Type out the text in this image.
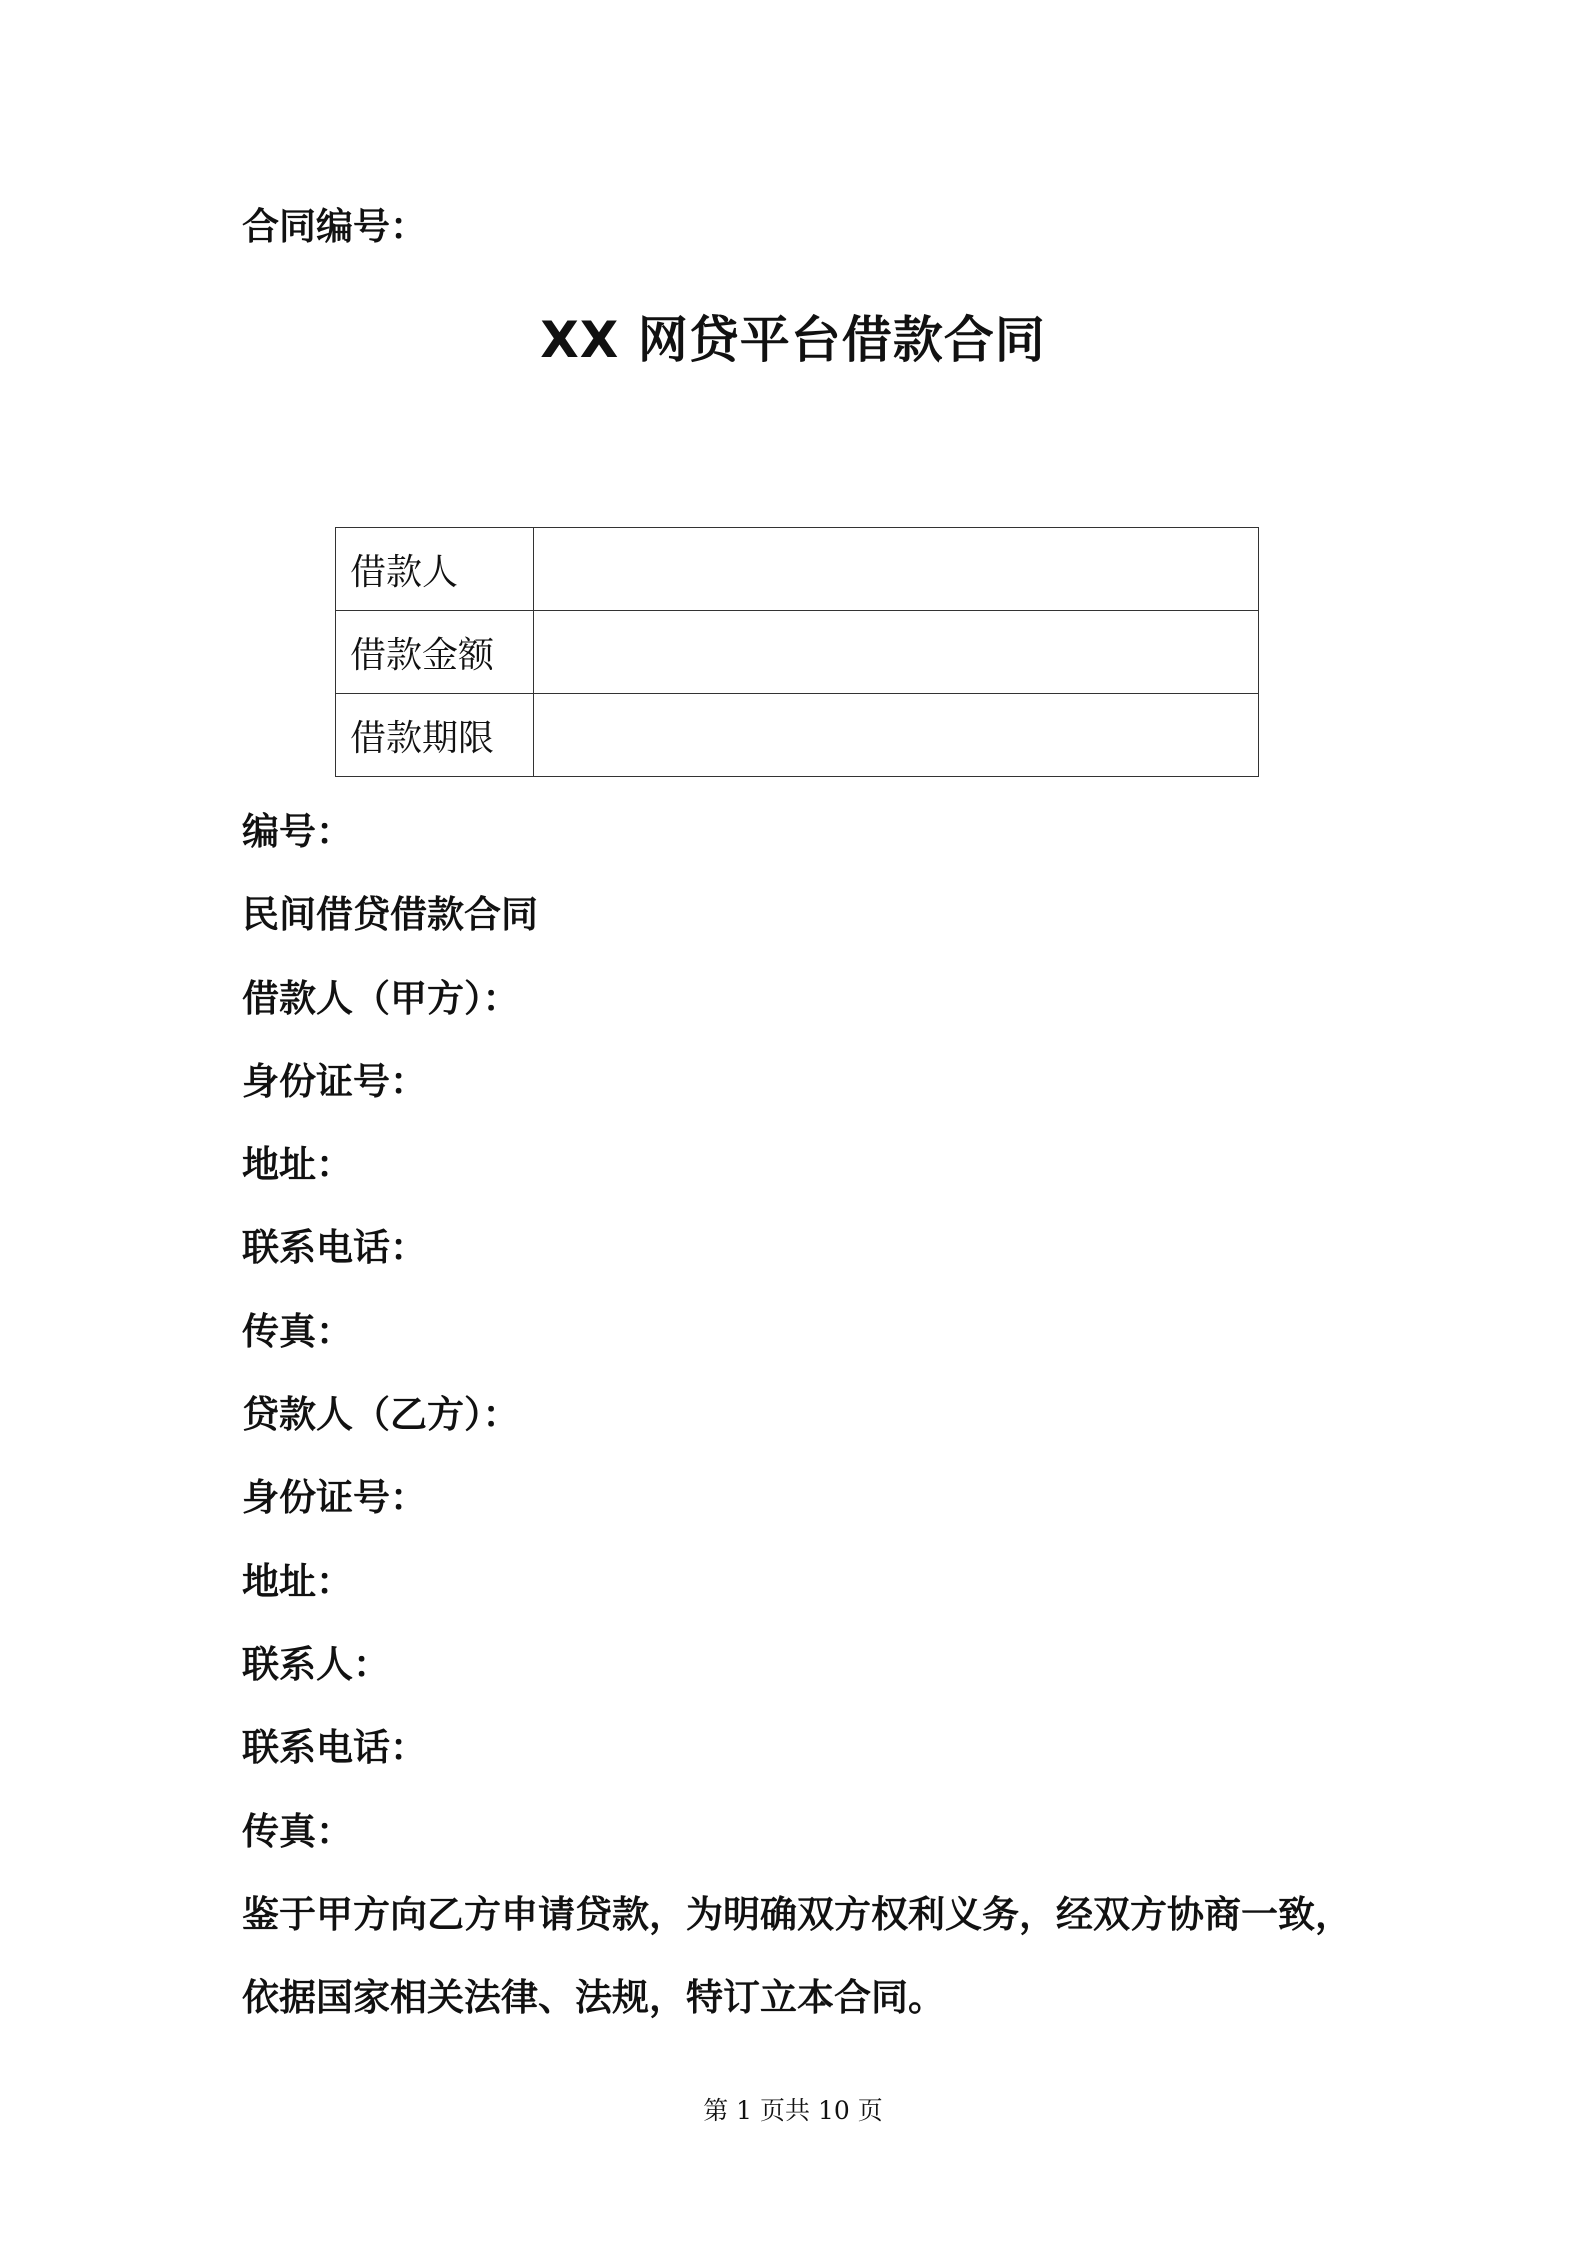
合同编号：
XX 网贷平台借款合同
借款人	
借款金额	
借款期限	
编号：
民间借贷借款合同
借款人（甲方）：
身份证号：
地址：
联系电话：
传真：
贷款人（乙方）：
身份证号：
地址：
联系人：
联系电话：
传真：
鉴于甲方向乙方申请贷款，为明确双方权利义务，经双方协商一致，
依据国家相关法律、法规，特订立本合同。
第 1 页共 10 页
